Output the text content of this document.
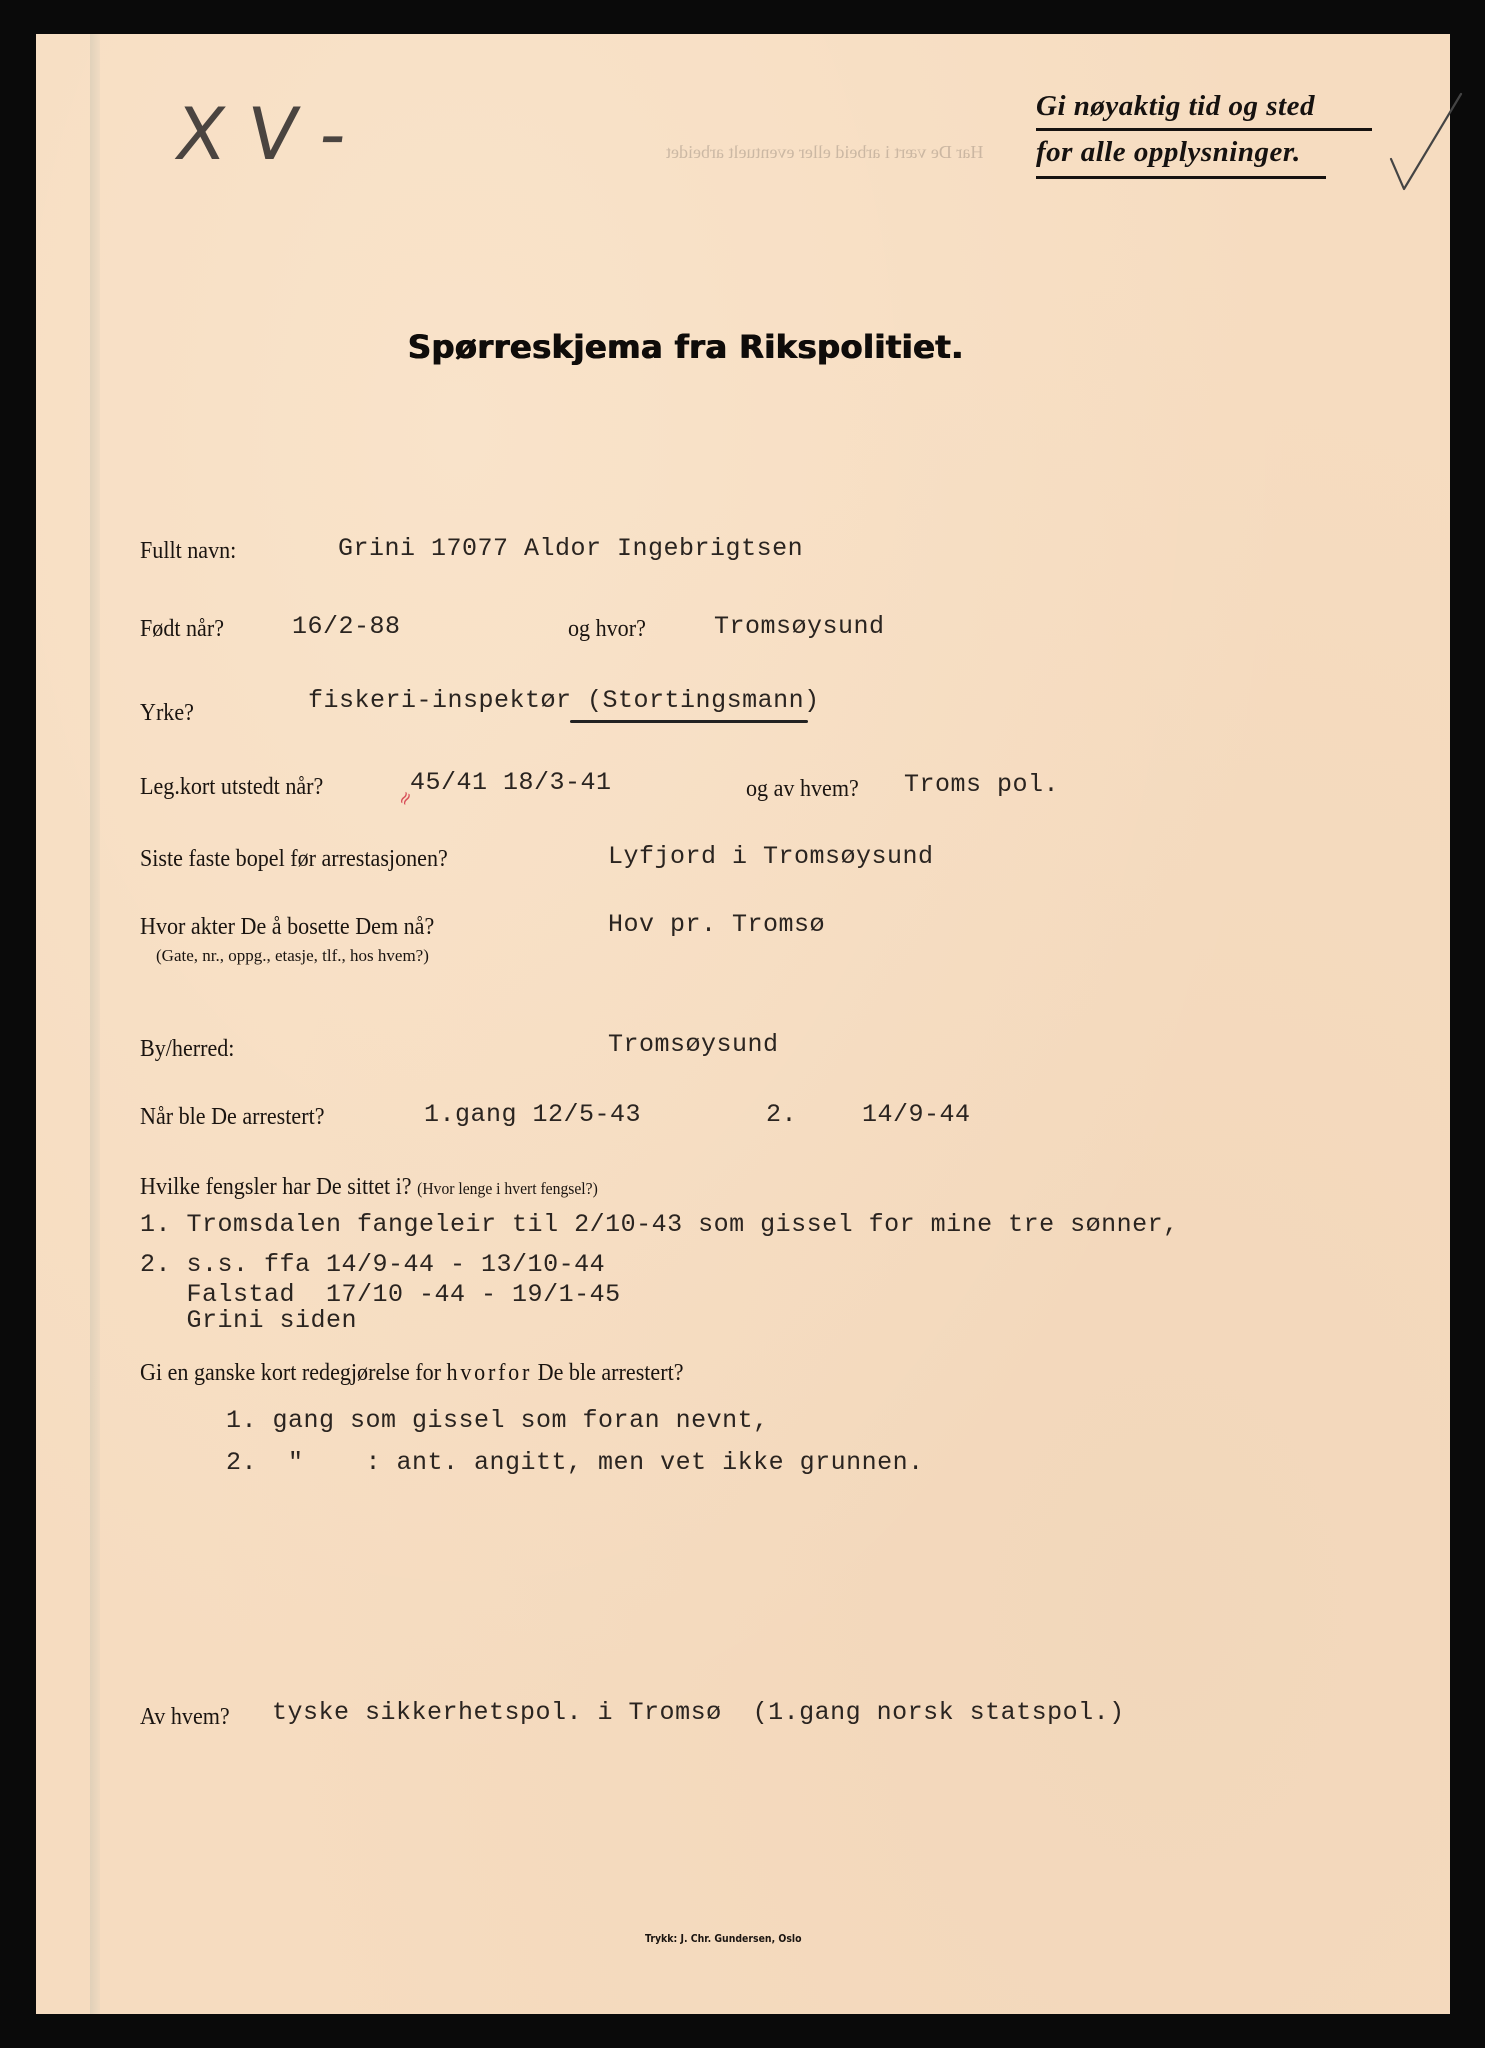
X V -	Har De vært i arbeid eller eventuelt arbeidet
Gi nøyaktig tid og sted
for alle opplysninger.
Spørreskjema fra Rikspolitiet.
Fullt navn:	Grini 17077 Aldor Ingebrigtsen
Født når?	16/2-88	og hvor?	Tromsøysund
Yrke?	fiskeri-inspektør (Stortingsmann)
Leg.kort utstedt når?	45/41 18/3-41	og av hvem? Troms pol.
≈
Siste faste bopel før arrestasjonen?	Lyfjord i Tromsøysund
Hvor akter De å bosette Dem nå?
(Gate, nr., oppg., etasje, tlf., hos hvem?)
Hov pr. Tromsø
By/herred:	Tromsøysund
Når ble De arrestert?	1.gang 12/5-43	2.	14/9-44
Hvilke fengsler har De sittet i? (Hvor lenge i hvert fengsel?)
1. Tromsdalen fangeleir til 2/10-43 som gissel for mine tre sønner,
2. s.s. ffa 14/9-44 - 13/10-44
Falstad  17/10 -44 - 19/1-45
Grini siden
Gi en ganske kort redegjørelse for hvorfor De ble arrestert?
1. gang som gissel som foran nevnt,
2.  "    : ant. angitt, men vet ikke grunnen.
Av hvem? tyske sikkerhetspol. i Tromsø  (1.gang norsk statspol.)
Trykk: J. Chr. Gundersen, Oslo
